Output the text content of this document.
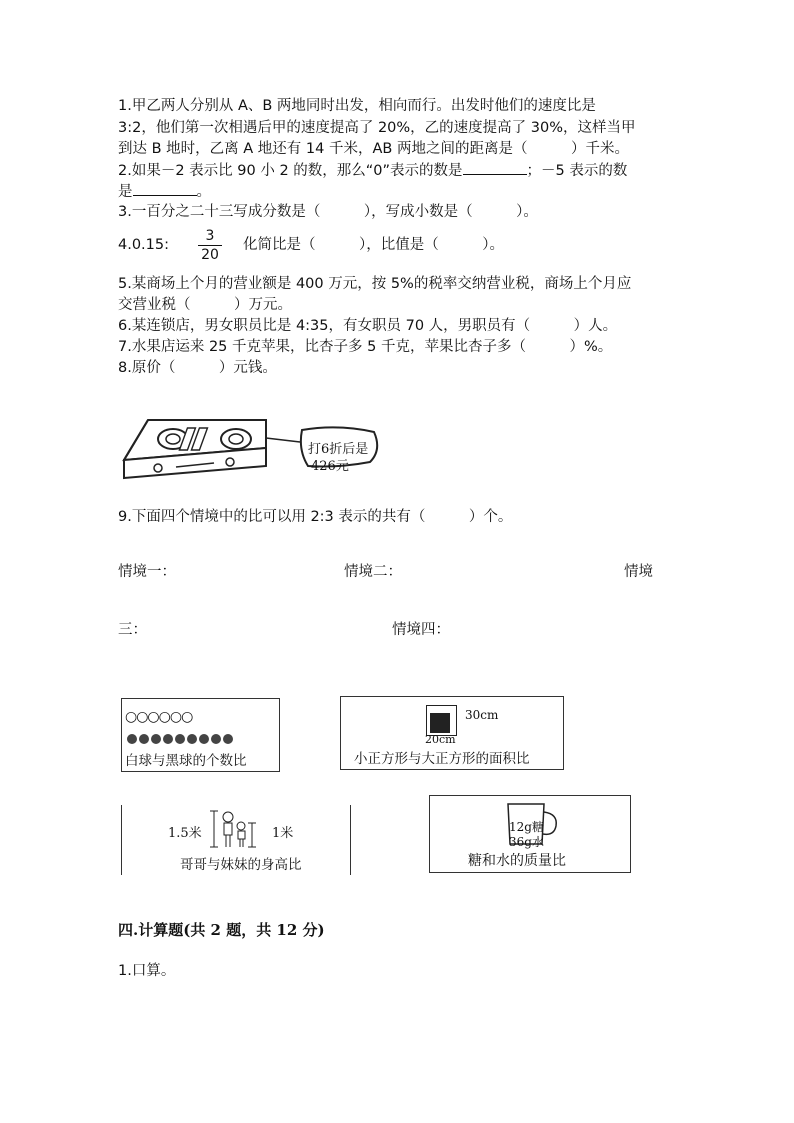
1.甲乙两人分别从 A、B 两地同时出发，相向而行。出发时他们的速度比是
3:2，他们第一次相遇后甲的速度提高了 20%，乙的速度提高了 30%，这样当甲
到达 B 地时，乙离 A 地还有 14 千米，AB 两地之间的距离是（　　　）千米。
2.如果－2 表示比 90 小 2 的数，那么“0”表示的数是	；－5 表示的数
是	。
3.一百分之二十三写成分数是（　　　），写成小数是（　　　）。
4.0.15:
3
20
化简比是（　　　），比值是（　　　）。
5.某商场上个月的营业额是 400 万元，按 5%的税率交纳营业税，商场上个月应
交营业税（　　　）万元。
6.某连锁店，男女职员比是 4:35，有女职员 70 人，男职员有（　　　）人。
7.水果店运来 25 千克苹果，比杏子多 5 千克，苹果比杏子多（　　　）%。
8.原价（　　　）元钱。
打6折后是
426元
9.下面四个情境中的比可以用 2:3 表示的共有（　　　）个。
情境一：	情境二：	情境
三：	情境四：
○○○○○○
白球与黑球的个数比
30cm
20cm
小正方形与大正方形的面积比
1.5米	1米
哥哥与妹妹的身高比
12g糖
36g水
糖和水的质量比
四.计算题(共 2 题，共 12 分)
1.口算。
